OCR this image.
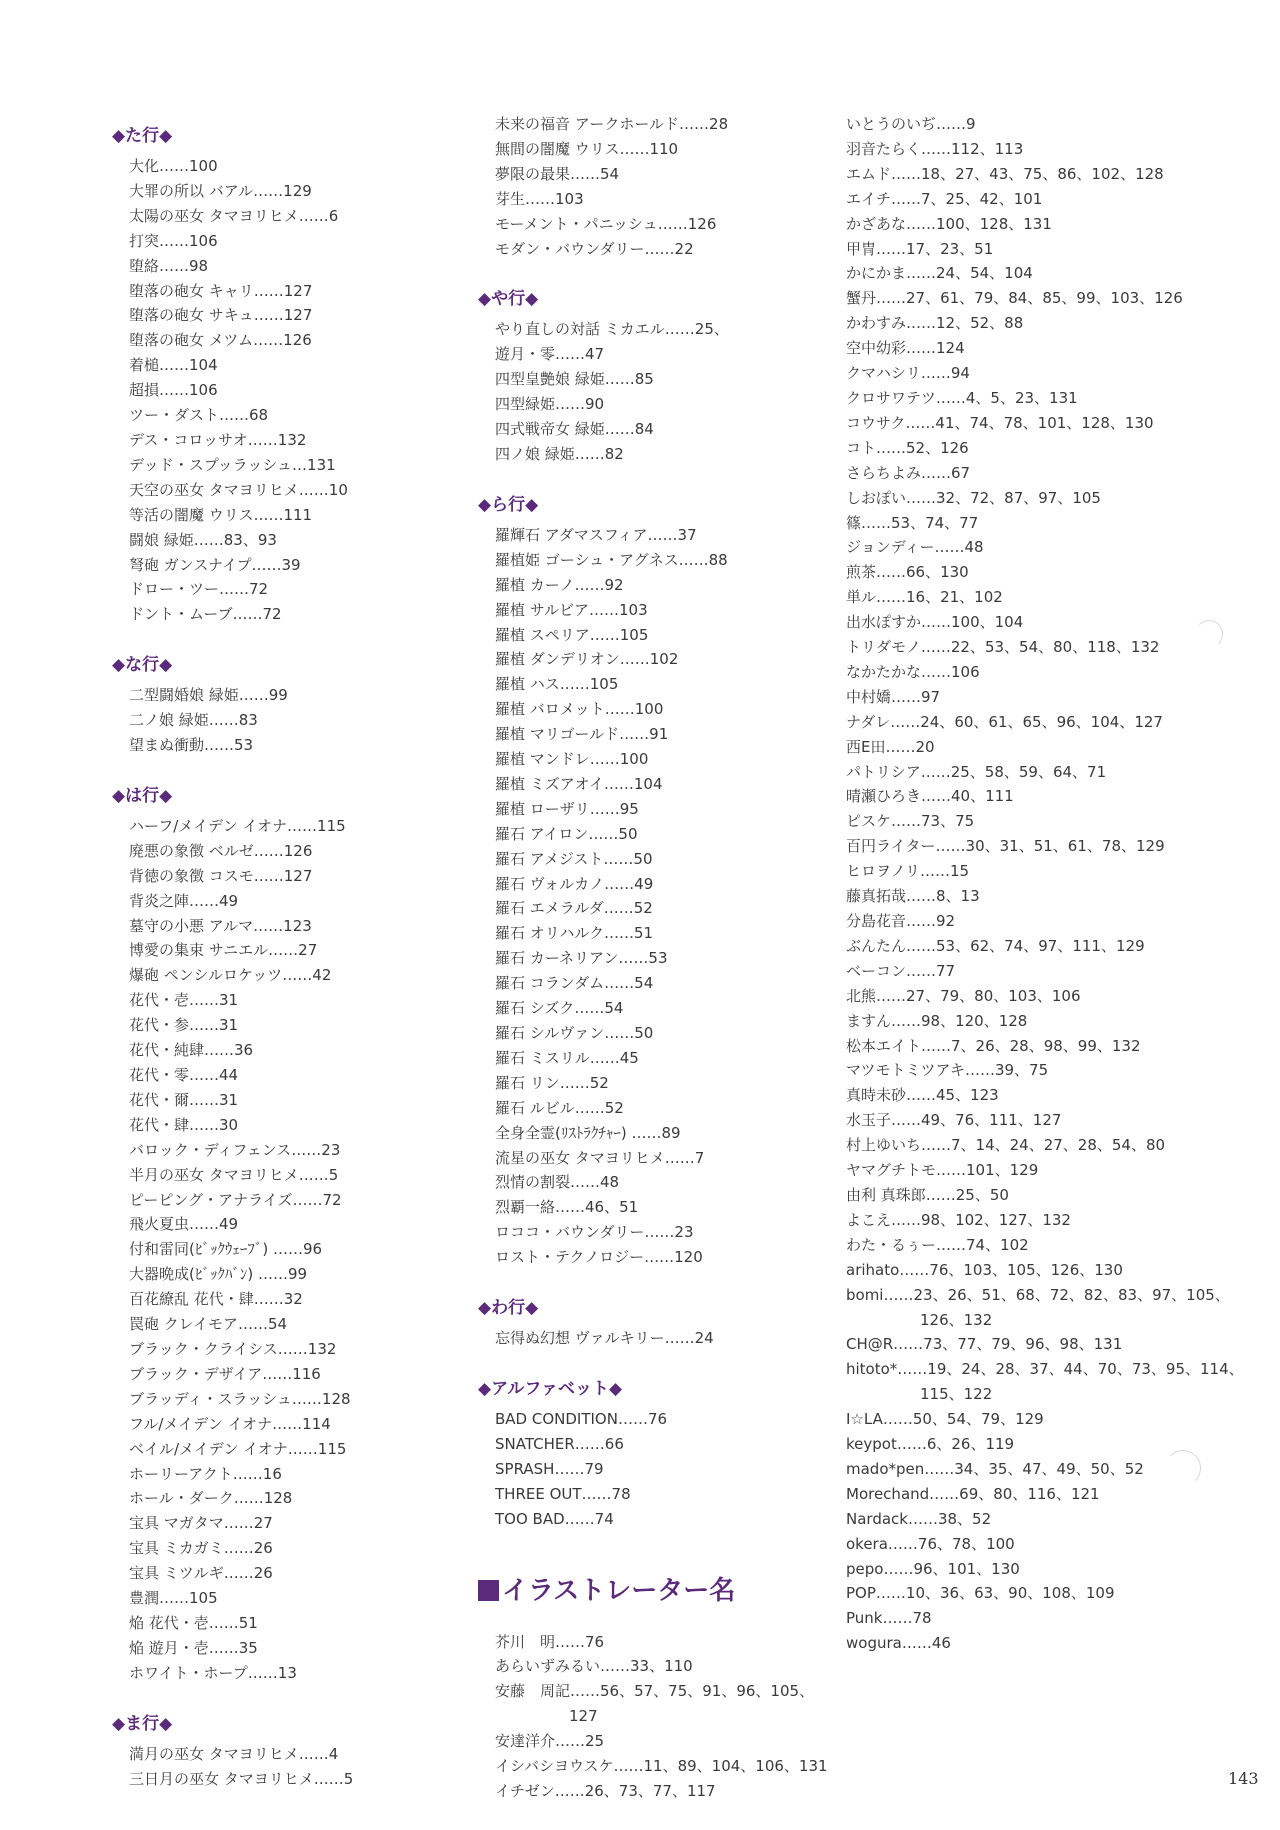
◆た行◆
大化……100
大罪の所以 バアル……129
太陽の巫女 タマヨリヒメ……6
打突……106
堕絡……98
堕落の砲女 キャリ……127
堕落の砲女 サキュ……127
堕落の砲女 メツム……126
着槌……104
超損……106
ツー・ダスト……68
デス・コロッサオ……132
デッド・スプッラッシュ…131
天空の巫女 タマヨリヒメ……10
等活の闇魔 ウリス……111
闘娘 緑姫……83、93
弩砲 ガンスナイプ……39
ドロー・ツー……72
ドント・ムーブ……72
◆な行◆
二型闘婚娘 緑姫……99
二ノ娘 緑姫……83
望まぬ衝動……53
◆は行◆
ハーフ/メイデン イオナ……115
廃悪の象徴 ベルゼ……126
背徳の象徴 コスモ……127
背炎之陣……49
墓守の小悪 アルマ……123
博愛の集束 サニエル……27
爆砲 ペンシルロケッツ……42
花代・壱……31
花代・参……31
花代・純肆……36
花代・零……44
花代・爾……31
花代・肆……30
バロック・ディフェンス……23
半月の巫女 タマヨリヒメ……5
ピーピング・アナライズ……72
飛火夏虫……49
付和雷同(ﾋﾞｯｸｳｪｰﾌﾞ) ……96
大器晩成(ﾋﾞｯｸﾊﾞﾝ) ……99
百花繚乱 花代・肆……32
罠砲 クレイモア……54
ブラック・クライシス……132
ブラック・デザイア……116
ブラッディ・スラッシュ……128
フル/メイデン イオナ……114
ベイル/メイデン イオナ……115
ホーリーアクト……16
ホール・ダーク……128
宝具 マガタマ……27
宝具 ミカガミ……26
宝具 ミツルギ……26
豊潤……105
焔 花代・壱……51
焔 遊月・壱……35
ホワイト・ホープ……13
◆ま行◆
満月の巫女 タマヨリヒメ……4
三日月の巫女 タマヨリヒメ……5
未来の福音 アークホールド……28
無間の闇魔 ウリス……110
夢限の最果……54
芽生……103
モーメント・パニッシュ……126
モダン・バウンダリー……22
◆や行◆
やり直しの対話 ミカエル……25、
遊月・零……47
四型皇艶娘 緑姫……85
四型緑姫……90
四式戦帝女 緑姫……84
四ノ娘 緑姫……82
◆ら行◆
羅輝石 アダマスフィア……37
羅植姫 ゴーシュ・アグネス……88
羅植 カーノ……92
羅植 サルビア……103
羅植 スペリア……105
羅植 ダンデリオン……102
羅植 ハス……105
羅植 バロメット……100
羅植 マリゴールド……91
羅植 マンドレ……100
羅植 ミズアオイ……104
羅植 ローザリ……95
羅石 アイロン……50
羅石 アメジスト……50
羅石 ヴォルカノ……49
羅石 エメラルダ……52
羅石 オリハルク……51
羅石 カーネリアン……53
羅石 コランダム……54
羅石 シズク……54
羅石 シルヴァン……50
羅石 ミスリル……45
羅石 リン……52
羅石 ルビル……52
全身全霊(ﾘｽﾄﾗｸﾁｬｰ) ……89
流星の巫女 タマヨリヒメ……7
烈情の割裂……48
烈覇一絡……46、51
ロココ・バウンダリー……23
ロスト・テクノロジー……120
◆わ行◆
忘得ぬ幻想 ヴァルキリー……24
◆アルファベット◆
BAD CONDITION……76
SNATCHER……66
SPRASH……79
THREE OUT……78
TOO BAD……74
イラストレーター名
芥川　明……76
あらいずみるい……33、110
安藤　周記……56、57、75、91、96、105、127
安達洋介……25
イシバシヨウスケ……11、89、104、106、131
イチゼン……26、73、77、117
いとうのいぢ……9
羽音たらく……112、113
エムド……18、27、43、75、86、102、128
エイチ……7、25、42、101
かざあな……100、128、131
甲冑……17、23、51
かにかま……24、54、104
蟹丹……27、61、79、84、85、99、103、126
かわすみ……12、52、88
空中幼彩……124
クマハシリ……94
クロサワテツ……4、5、23、131
コウサク……41、74、78、101、128、130
コト……52、126
さらちよみ……67
しおぽい……32、72、87、97、105
篠……53、74、77
ジョンディー……48
煎茶……66、130
単ル……16、21、102
出水ぽすか……100、104
トリダモノ……22、53、54、80、118、132
なかたかな……106
中村嬌……97
ナダレ……24、60、61、65、96、104、127
西E田……20
パトリシア……25、58、59、64、71
晴瀬ひろき……40、111
ピスケ……73、75
百円ライター……30、31、51、61、78、129
ヒロヲノリ……15
藤真拓哉……8、13
分島花音……92
ぶんたん……53、62、74、97、111、129
ベーコン……77
北熊……27、79、80、103、106
ますん……98、120、128
松本エイト……7、26、28、98、99、132
マツモトミツアキ……39、75
真時未砂……45、123
水玉子……49、76、111、127
村上ゆいち……7、14、24、27、28、54、80
ヤマグチトモ……101、129
由利 真珠郎……25、50
よこえ……98、102、127、132
わた・るぅー……74、102
arihato……76、103、105、126、130
bomi……23、26、51、68、72、82、83、97、105、126、132
CH@R……73、77、79、96、98、131
hitoto*……19、24、28、37、44、70、73、95、114、115、122
I☆LA……50、54、79、129
keypot……6、26、119
mado*pen……34、35、47、49、50、52
Morechand……69、80、116、121
Nardack……38、52
okera……76、78、100
pepo……96、101、130
POP……10、36、63、90、108、109
Punk……78
wogura……46
143
